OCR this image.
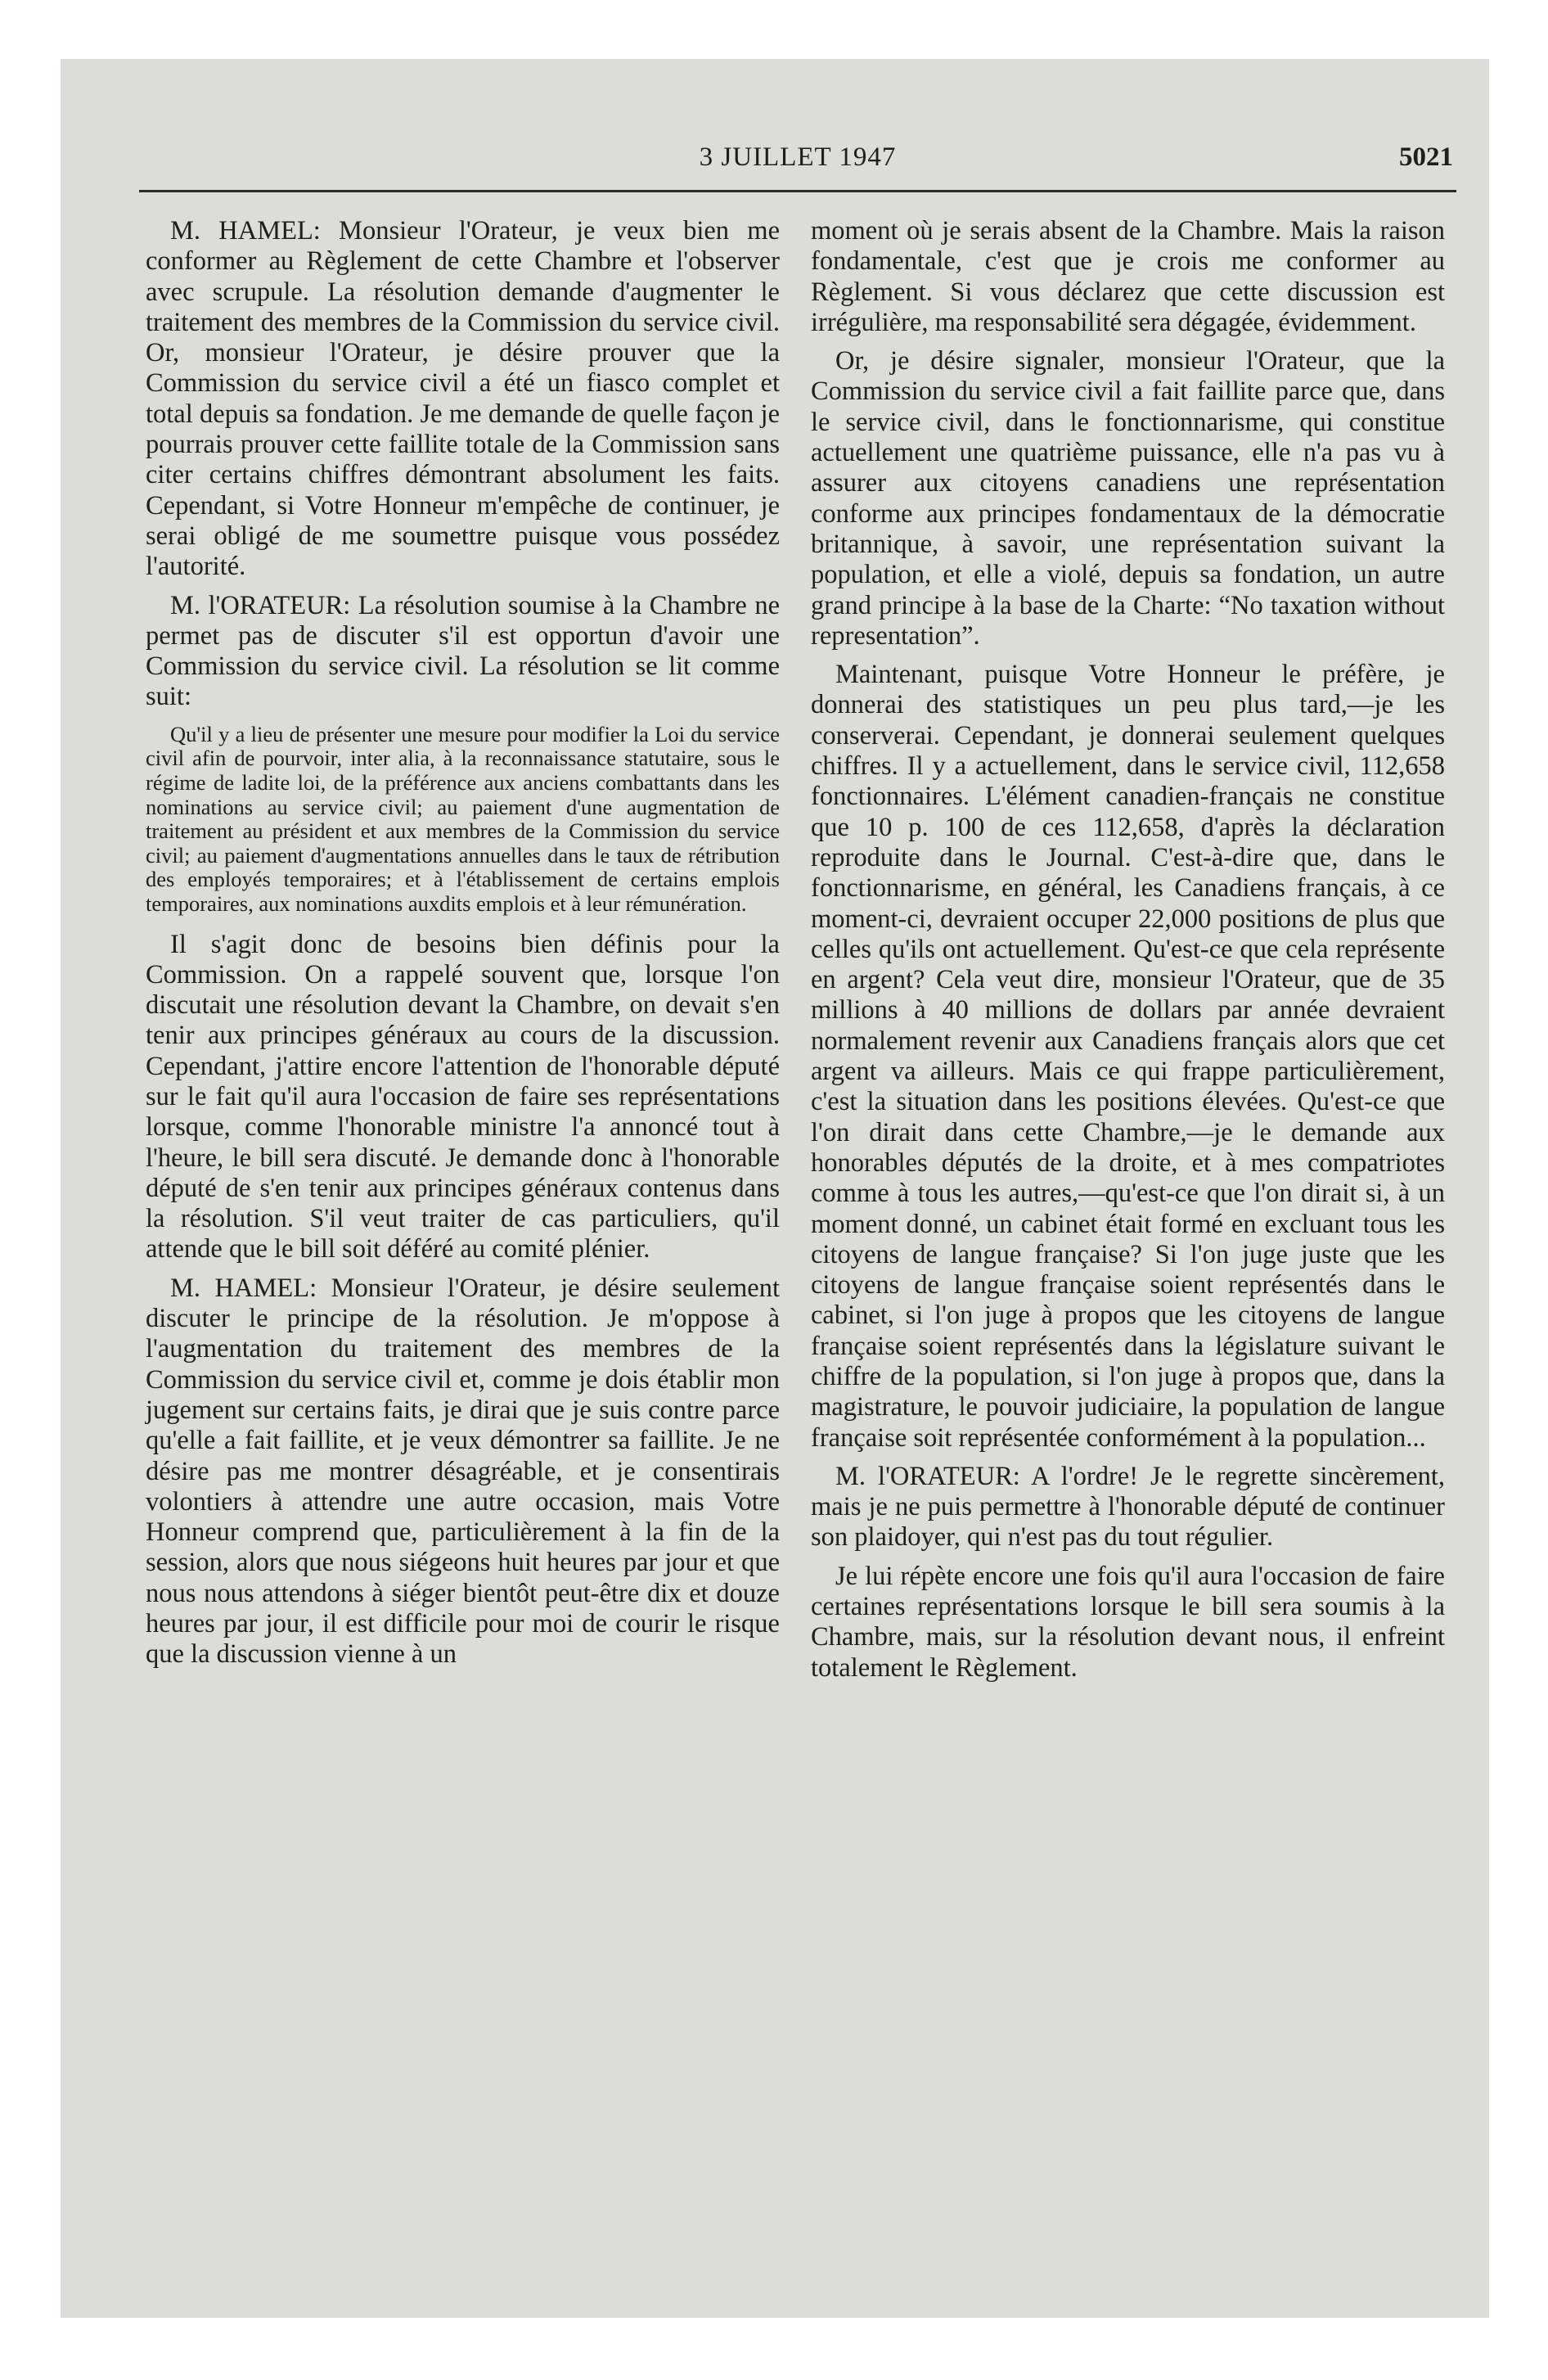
3 JUILLET 1947	5021

M. HAMEL: Monsieur l'Orateur, je veux bien me conformer au Règlement de cette Chambre et l'observer avec scrupule. La résolution demande d'augmenter le traitement des membres de la Commission du service civil. Or, monsieur l'Orateur, je désire prouver que la Commission du service civil a été un fiasco complet et total depuis sa fondation. Je me demande de quelle façon je pourrais prouver cette faillite totale de la Commission sans citer certains chiffres démontrant absolument les faits. Cependant, si Votre Honneur m'empêche de continuer, je serai obligé de me soumettre puisque vous possédez l'autorité.

M. l'ORATEUR: La résolution soumise à la Chambre ne permet pas de discuter s'il est opportun d'avoir une Commission du service civil. La résolution se lit comme suit:

Qu'il y a lieu de présenter une mesure pour modifier la Loi du service civil afin de pourvoir, inter alia, à la reconnaissance statutaire, sous le régime de ladite loi, de la préférence aux anciens combattants dans les nominations au service civil; au paiement d'une augmentation de traitement au président et aux membres de la Commission du service civil; au paiement d'augmentations annuelles dans le taux de rétribution des employés temporaires; et à l'établissement de certains emplois temporaires, aux nominations auxdits emplois et à leur rémunération.

Il s'agit donc de besoins bien définis pour la Commission. On a rappelé souvent que, lorsque l'on discutait une résolution devant la Chambre, on devait s'en tenir aux principes généraux au cours de la discussion. Cependant, j'attire encore l'attention de l'honorable député sur le fait qu'il aura l'occasion de faire ses représentations lorsque, comme l'honorable ministre l'a annoncé tout à l'heure, le bill sera discuté. Je demande donc à l'honorable député de s'en tenir aux principes généraux contenus dans la résolution. S'il veut traiter de cas particuliers, qu'il attende que le bill soit déféré au comité plénier.

M. HAMEL: Monsieur l'Orateur, je désire seulement discuter le principe de la résolution. Je m'oppose à l'augmentation du traitement des membres de la Commission du service civil et, comme je dois établir mon jugement sur certains faits, je dirai que je suis contre parce qu'elle a fait faillite, et je veux démontrer sa faillite. Je ne désire pas me montrer désagréable, et je consentirais volontiers à attendre une autre occasion, mais Votre Honneur comprend que, particulièrement à la fin de la session, alors que nous siégeons huit heures par jour et que nous nous attendons à siéger bientôt peut-être dix et douze heures par jour, il est difficile pour moi de courir le risque que la discussion vienne à un

moment où je serais absent de la Chambre. Mais la raison fondamentale, c'est que je crois me conformer au Règlement. Si vous déclarez que cette discussion est irrégulière, ma responsabilité sera dégagée, évidemment.

Or, je désire signaler, monsieur l'Orateur, que la Commission du service civil a fait faillite parce que, dans le service civil, dans le fonctionnarisme, qui constitue actuellement une quatrième puissance, elle n'a pas vu à assurer aux citoyens canadiens une représentation conforme aux principes fondamentaux de la démocratie britannique, à savoir, une représentation suivant la population, et elle a violé, depuis sa fondation, un autre grand principe à la base de la Charte: “No taxation without representation”.

Maintenant, puisque Votre Honneur le préfère, je donnerai des statistiques un peu plus tard,—je les conserverai. Cependant, je donnerai seulement quelques chiffres. Il y a actuellement, dans le service civil, 112,658 fonctionnaires. L'élément canadien-français ne constitue que 10 p. 100 de ces 112,658, d'après la déclaration reproduite dans le Journal. C'est-à-dire que, dans le fonctionnarisme, en général, les Canadiens français, à ce moment-ci, devraient occuper 22,000 positions de plus que celles qu'ils ont actuellement. Qu'est-ce que cela représente en argent? Cela veut dire, monsieur l'Orateur, que de 35 millions à 40 millions de dollars par année devraient normalement revenir aux Canadiens français alors que cet argent va ailleurs. Mais ce qui frappe particulièrement, c'est la situation dans les positions élevées. Qu'est-ce que l'on dirait dans cette Chambre,—je le demande aux honorables députés de la droite, et à mes compatriotes comme à tous les autres,—qu'est-ce que l'on dirait si, à un moment donné, un cabinet était formé en excluant tous les citoyens de langue française? Si l'on juge juste que les citoyens de langue française soient représentés dans le cabinet, si l'on juge à propos que les citoyens de langue française soient représentés dans la législature suivant le chiffre de la population, si l'on juge à propos que, dans la magistrature, le pouvoir judiciaire, la population de langue française soit représentée conformément à la population...

M. l'ORATEUR: A l'ordre! Je le regrette sincèrement, mais je ne puis permettre à l'honorable député de continuer son plaidoyer, qui n'est pas du tout régulier.

Je lui répète encore une fois qu'il aura l'occasion de faire certaines représentations lorsque le bill sera soumis à la Chambre, mais, sur la résolution devant nous, il enfreint totalement le Règlement.
